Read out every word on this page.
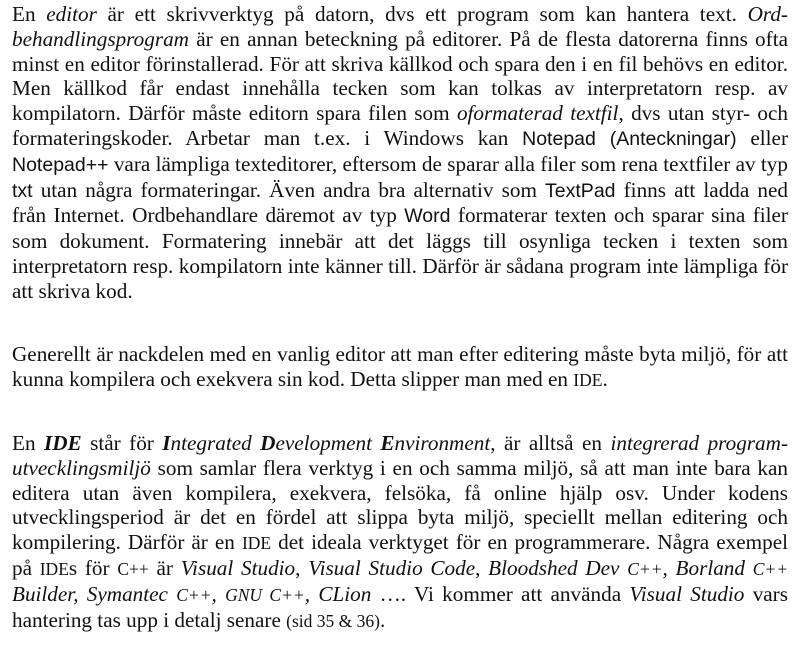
En editor är ett skrivverktyg på datorn, dvs ett program som kan hantera text. Ordbehandlingsprogram är en annan beteckning på editorer. På de flesta datorerna finns ofta minst en editor förinstallerad. För att skriva källkod och spara den i en fil behövs en editor. Men källkod får endast innehålla tecken som kan tolkas av interpretatorn resp. av kompilatorn. Därför måste editorn spara filen som oformaterad textfil, dvs utan styr- och formateringskoder. Arbetar man t.ex. i Windows kan Notepad (Anteckningar) eller Notepad++ vara lämpliga texteditorer, eftersom de sparar alla filer som rena textfiler av typ txt utan några formateringar. Även andra bra alternativ som TextPad finns att ladda ned från Internet. Ordbehandlare däremot av typ Word formaterar texten och sparar sina filer som dokument. Formatering innebär att det läggs till osynliga tecken i texten som interpretatorn resp. kompilatorn inte känner till. Därför är sådana program inte lämpliga för att skriva kod.

Generellt är nackdelen med en vanlig editor att man efter editering måste byta miljö, för att kunna kompilera och exekvera sin kod. Detta slipper man med en IDE.

En IDE står för Integrated Development Environment, är alltså en integrerad programutvecklingsmiljö som samlar flera verktyg i en och samma miljö, så att man inte bara kan editera utan även kompilera, exekvera, felsöka, få online hjälp osv. Under kodens utvecklingsperiod är det en fördel att slippa byta miljö, speciellt mellan editering och kompilering. Därför är en IDE det ideala verktyget för en programmerare. Några exempel på IDEs för C++ är Visual Studio, Visual Studio Code, Bloodshed Dev C++, Borland C++ Builder, Symantec C++, GNU C++, CLion …. Vi kommer att använda Visual Studio vars hantering tas upp i detalj senare (sid 35 & 36).
